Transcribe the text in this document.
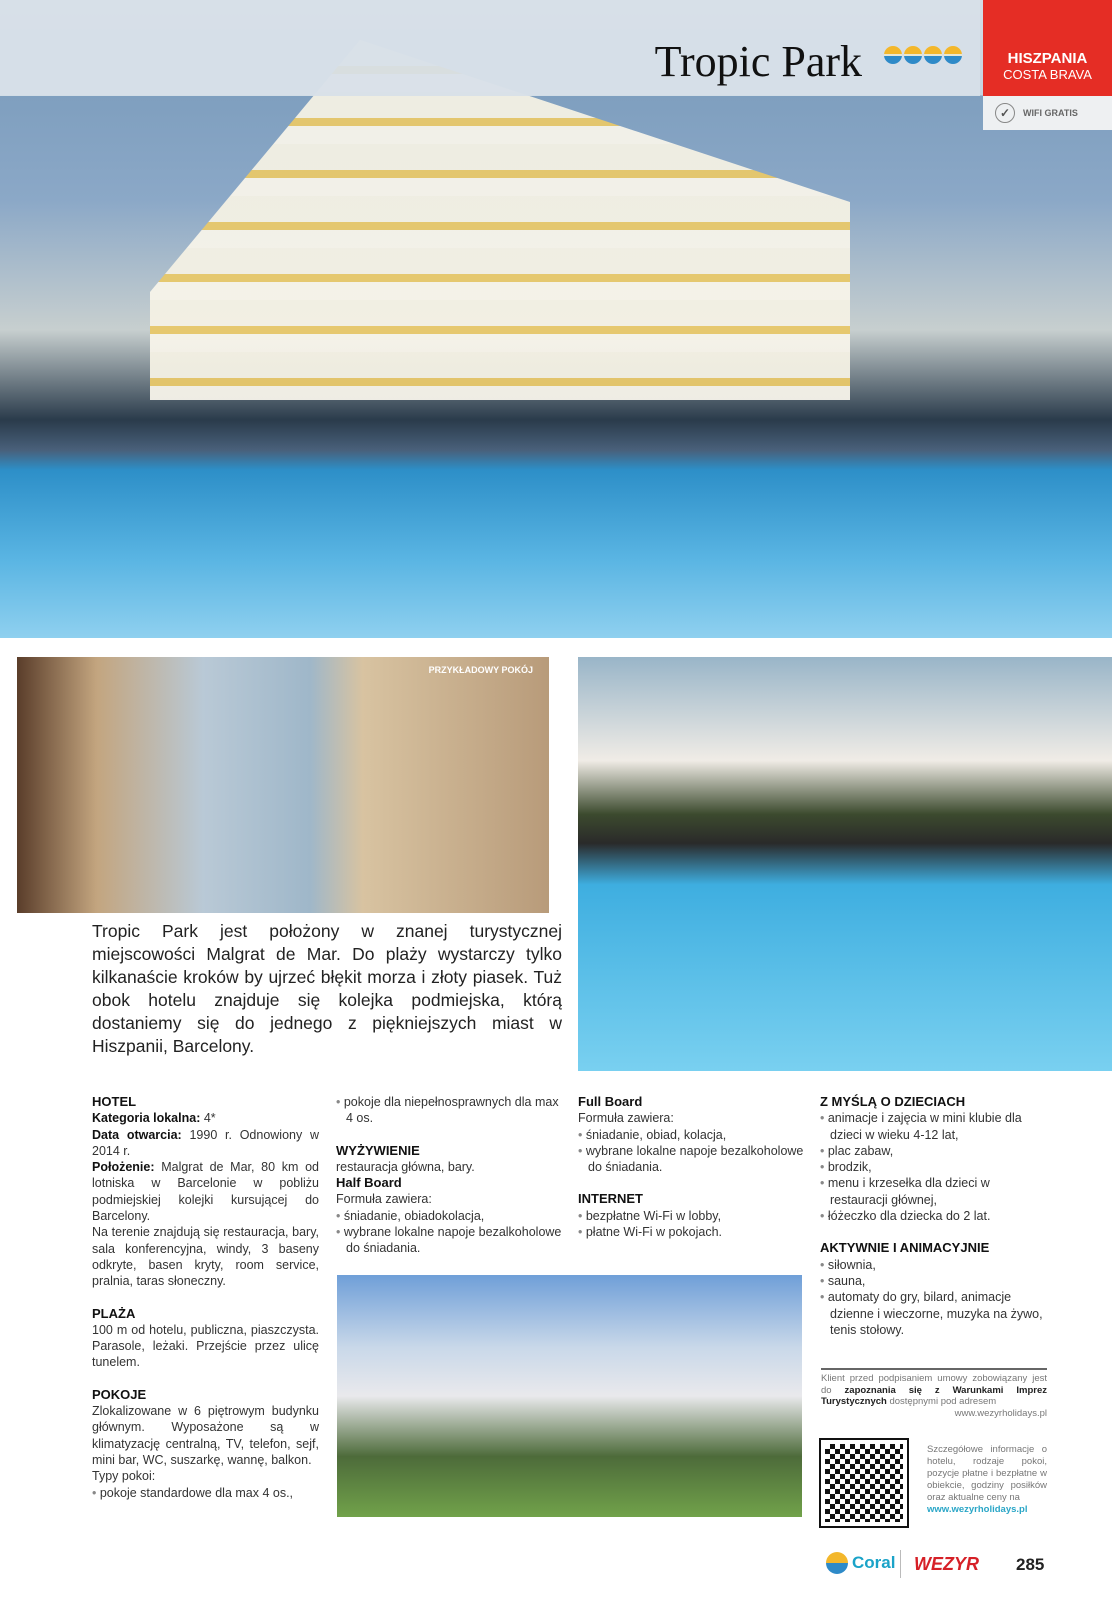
Tropic Park	HISZPANIA
COSTA BRAVA
✓	WIFI GRATIS
PRZYKŁADOWY POKÓJ

Tropic Park jest położony w znanej turystycznej miejscowości Malgrat de Mar. Do plaży wystarczy tylko kilkanaście kroków by ujrzeć błękit morza i złoty piasek. Tuż obok hotelu znajduje się kolejka podmiejska, którą dostaniemy się do jednego z piękniejszych miast w Hiszpanii, Barcelony.

HOTEL
Kategoria lokalna: 4*
Data otwarcia: 1990 r. Odnowiony w 2014 r.
Położenie: Malgrat de Mar, 80 km od lotniska w Barcelonie w pobliżu podmiejskiej kolejki kursującej do Barcelony.
Na terenie znajdują się restauracja, bary, sala konferencyjna, windy, 3 baseny odkryte, basen kryty, room service, pralnia, taras słoneczny.
PLAŻA
100 m od hotelu, publiczna, piaszczysta. Parasole, leżaki. Przejście przez ulicę tunelem.
POKOJE
Zlokalizowane w 6 piętrowym budynku głównym. Wyposażone są w klimatyzację centralną, TV, telefon, sejf, mini bar, WC, suszarkę, wannę, balkon.
Typy pokoi:
• pokoje standardowe dla max 4 os.,
• pokoje dla niepełnosprawnych dla max 4 os.
WYŻYWIENIE
restauracja główna, bary.
Half Board
Formuła zawiera:
• śniadanie, obiadokolacja,
• wybrane lokalne napoje bezalkoholowe do śniadania.
Full Board
Formuła zawiera:
• śniadanie, obiad, kolacja,
• wybrane lokalne napoje bezalkoholowe do śniadania.
INTERNET
• bezpłatne Wi-Fi w lobby,
• płatne Wi-Fi w pokojach.
Z MYŚLĄ O DZIECIACH
• animacje i zajęcia w mini klubie dla dzieci w wieku 4-12 lat,
• plac zabaw,
• brodzik,
• menu i krzesełka dla dzieci w restauracji głównej,
• łóżeczko dla dziecka do 2 lat.
AKTYWNIE I ANIMACYJNIE
• siłownia,
• sauna,
• automaty do gry, bilard, animacje dzienne i wieczorne, muzyka na żywo, tenis stołowy.
Klient przed podpisaniem umowy zobowiązany jest do zapoznania się z Warunkami Imprez Turystycznych dostępnymi pod adresem
www.wezyrholidays.pl
Szczegółowe informacje o hotelu, rodzaje pokoi, pozycje płatne i bezpłatne w obiekcie, godziny posiłków oraz aktualne ceny na
www.wezyrholidays.pl
Coral WEZYR 285
